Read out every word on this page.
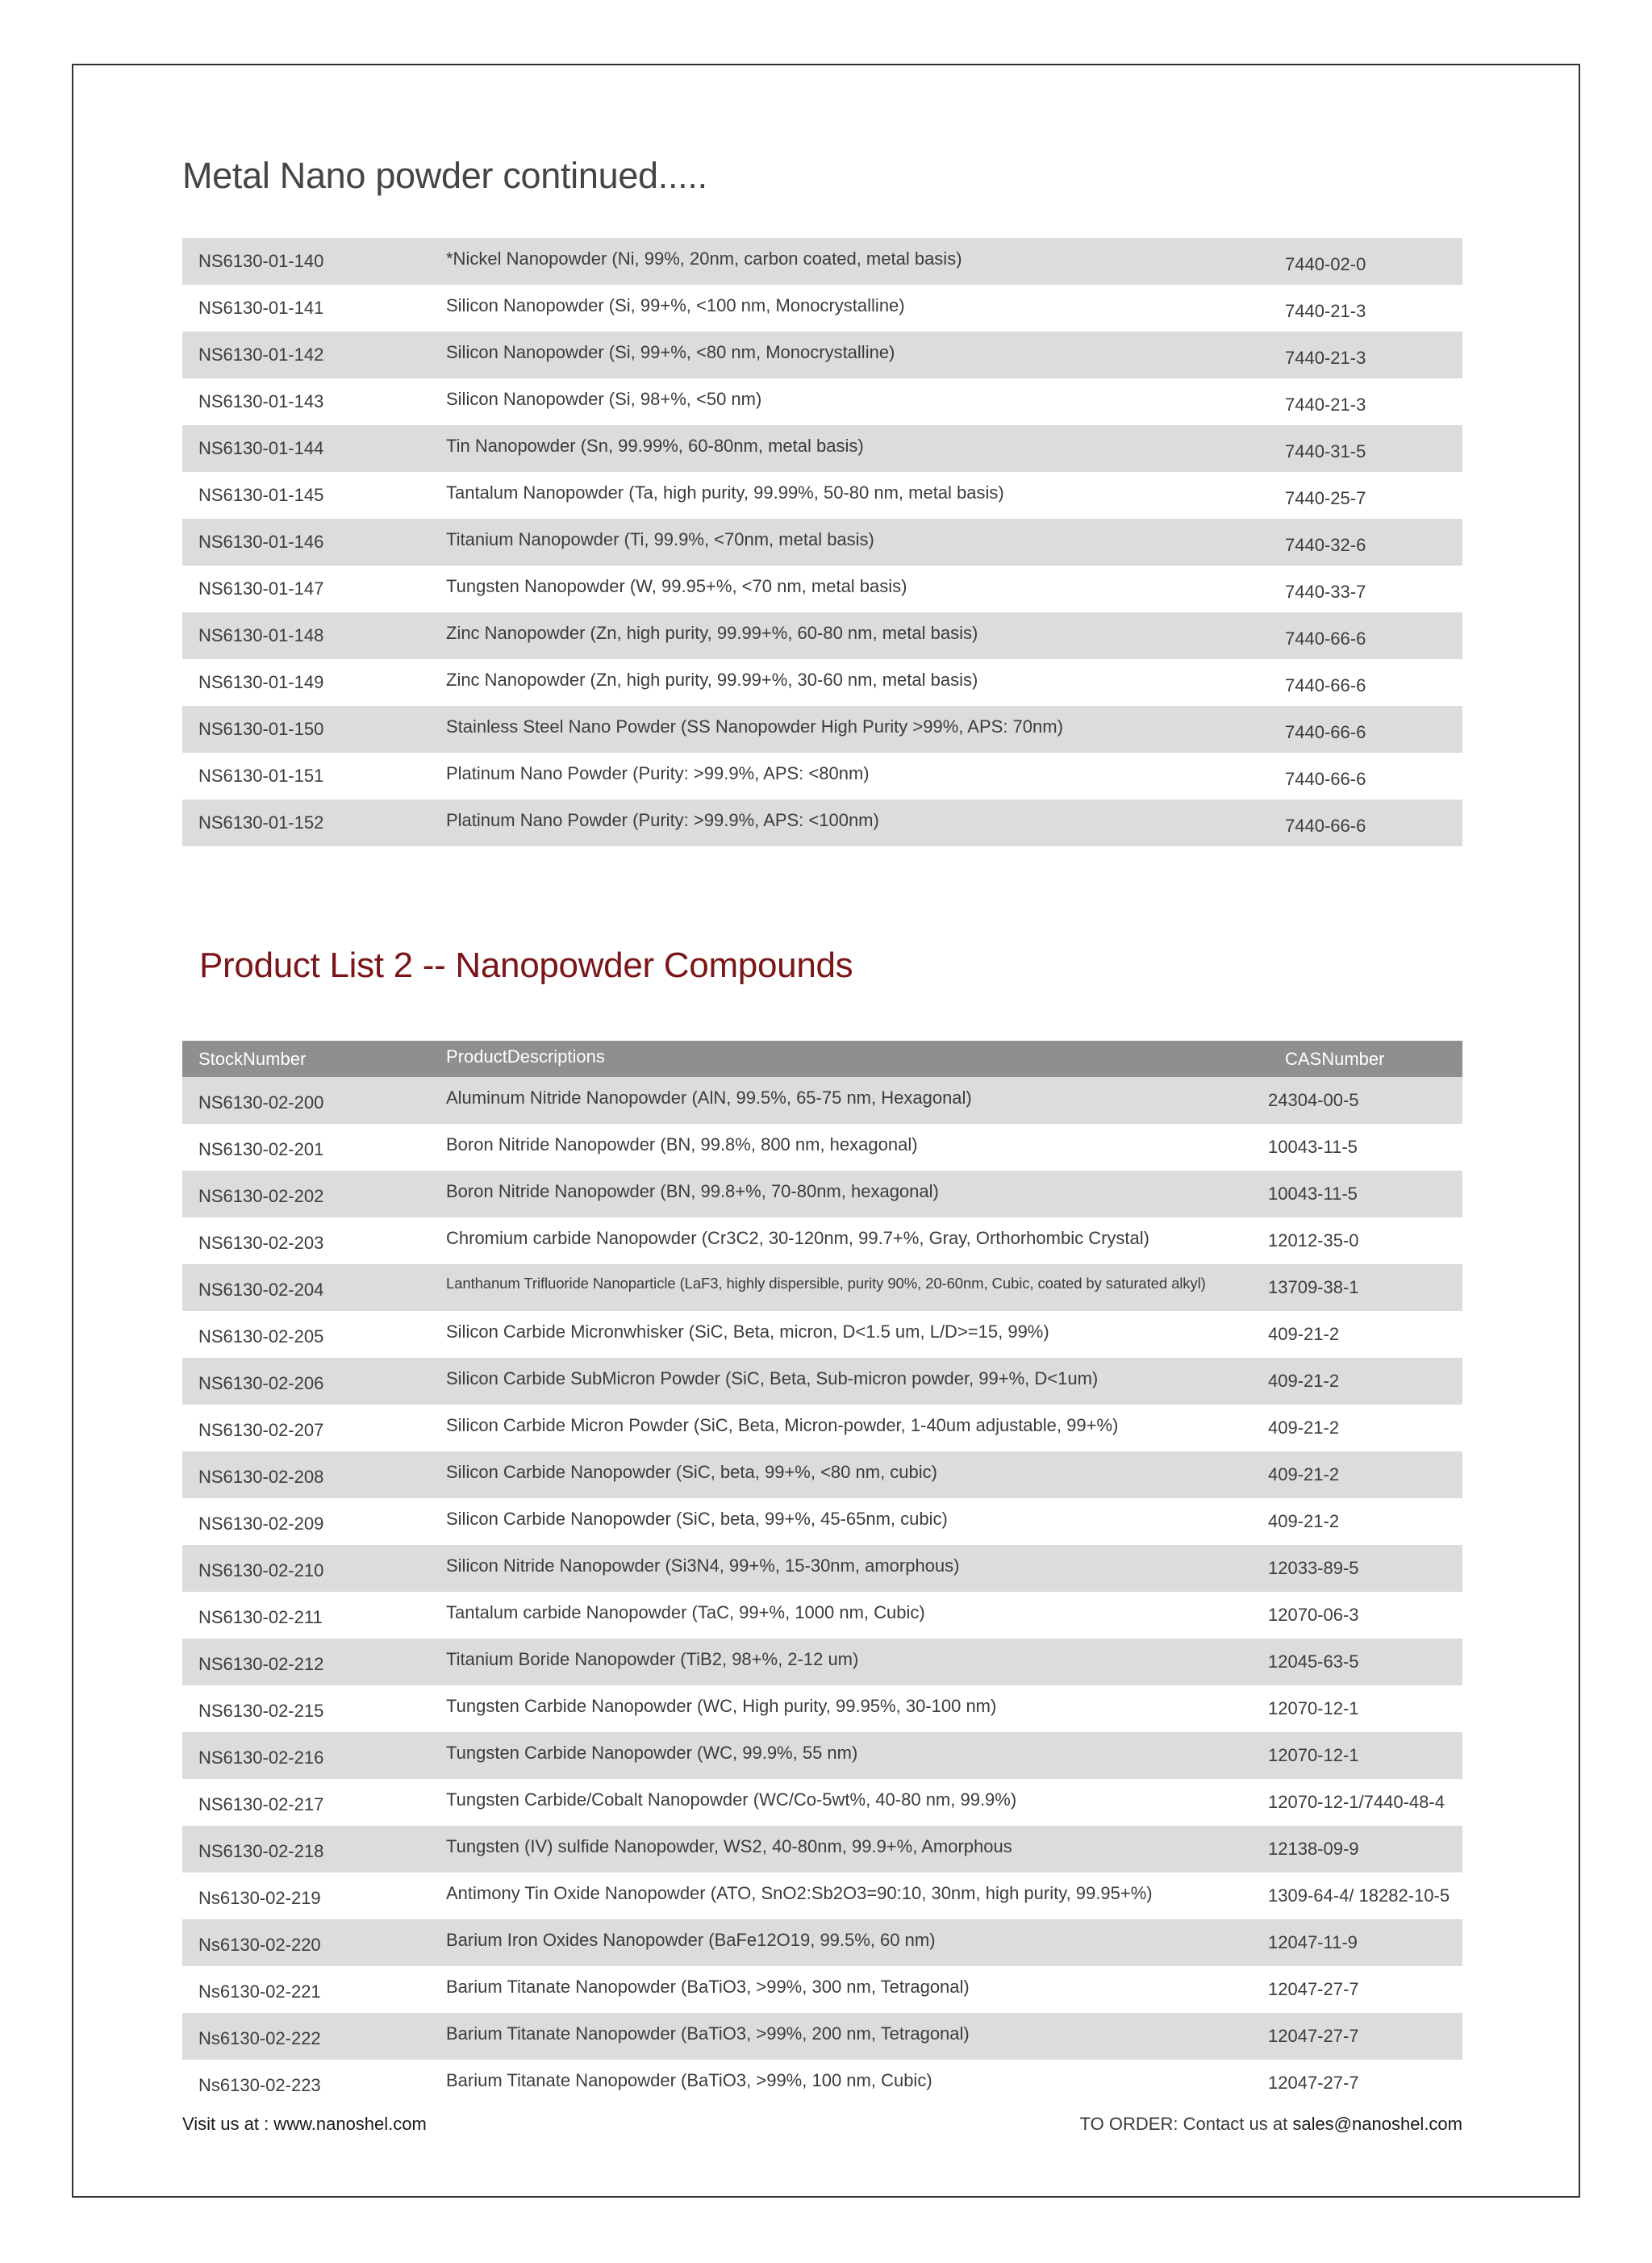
Metal Nano powder continued.....
NS6130-01-140	*Nickel Nanopowder (Ni, 99%, 20nm, carbon coated, metal basis)	7440-02-0
NS6130-01-141	Silicon Nanopowder (Si, 99+%, <100 nm, Monocrystalline)	7440-21-3
NS6130-01-142	Silicon Nanopowder (Si, 99+%, <80 nm, Monocrystalline)	7440-21-3
NS6130-01-143	Silicon Nanopowder (Si, 98+%, <50 nm)	7440-21-3
NS6130-01-144	Tin Nanopowder (Sn, 99.99%, 60-80nm, metal basis)	7440-31-5
NS6130-01-145	Tantalum Nanopowder (Ta, high purity, 99.99%, 50-80 nm, metal basis)	7440-25-7
NS6130-01-146	Titanium Nanopowder (Ti, 99.9%, <70nm, metal basis)	7440-32-6
NS6130-01-147	Tungsten Nanopowder (W, 99.95+%, <70 nm, metal basis)	7440-33-7
NS6130-01-148	Zinc Nanopowder (Zn, high purity, 99.99+%, 60-80 nm, metal basis)	7440-66-6
NS6130-01-149	Zinc Nanopowder (Zn, high purity, 99.99+%, 30-60 nm, metal basis)	7440-66-6
NS6130-01-150	Stainless Steel Nano Powder (SS Nanopowder High Purity >99%, APS: 70nm)	7440-66-6
NS6130-01-151	Platinum Nano Powder (Purity: >99.9%, APS: <80nm)	7440-66-6
NS6130-01-152	Platinum Nano Powder (Purity: >99.9%, APS: <100nm)	7440-66-6
Product List 2 -- Nanopowder Compounds
StockNumber	ProductDescriptions	CASNumber
NS6130-02-200	Aluminum Nitride Nanopowder (AlN, 99.5%, 65-75 nm, Hexagonal)	24304-00-5
NS6130-02-201	Boron Nitride Nanopowder (BN, 99.8%, 800 nm, hexagonal)	10043-11-5
NS6130-02-202	Boron Nitride Nanopowder (BN, 99.8+%, 70-80nm, hexagonal)	10043-11-5
NS6130-02-203	Chromium carbide Nanopowder (Cr3C2, 30-120nm, 99.7+%, Gray, Orthorhombic Crystal)	12012-35-0
NS6130-02-204	Lanthanum Trifluoride Nanoparticle (LaF3, highly dispersible, purity 90%, 20-60nm, Cubic, coated by saturated alkyl)	13709-38-1
NS6130-02-205	Silicon Carbide Micronwhisker (SiC, Beta, micron, D<1.5 um, L/D>=15, 99%)	409-21-2
NS6130-02-206	Silicon Carbide SubMicron Powder (SiC, Beta, Sub-micron powder, 99+%, D<1um)	409-21-2
NS6130-02-207	Silicon Carbide Micron Powder (SiC, Beta, Micron-powder, 1-40um adjustable, 99+%)	409-21-2
NS6130-02-208	Silicon Carbide Nanopowder (SiC, beta, 99+%, <80 nm, cubic)	409-21-2
NS6130-02-209	Silicon Carbide Nanopowder (SiC, beta, 99+%, 45-65nm, cubic)	409-21-2
NS6130-02-210	Silicon Nitride Nanopowder (Si3N4, 99+%, 15-30nm, amorphous)	12033-89-5
NS6130-02-211	Tantalum carbide Nanopowder (TaC, 99+%, 1000 nm, Cubic)	12070-06-3
NS6130-02-212	Titanium Boride Nanopowder (TiB2, 98+%, 2-12 um)	12045-63-5
NS6130-02-215	Tungsten Carbide Nanopowder (WC, High purity, 99.95%, 30-100 nm)	12070-12-1
NS6130-02-216	Tungsten Carbide Nanopowder (WC, 99.9%, 55 nm)	12070-12-1
NS6130-02-217	Tungsten Carbide/Cobalt Nanopowder (WC/Co-5wt%, 40-80 nm, 99.9%)	12070-12-1/7440-48-4
NS6130-02-218	Tungsten (IV) sulfide Nanopowder, WS2, 40-80nm, 99.9+%, Amorphous	12138-09-9
Ns6130-02-219	Antimony Tin Oxide Nanopowder (ATO, SnO2:Sb2O3=90:10, 30nm, high purity, 99.95+%)	1309-64-4/ 18282-10-5
Ns6130-02-220	Barium Iron Oxides Nanopowder (BaFe12O19, 99.5%, 60 nm)	12047-11-9
Ns6130-02-221	Barium Titanate Nanopowder (BaTiO3, >99%, 300 nm, Tetragonal)	12047-27-7
Ns6130-02-222	Barium Titanate Nanopowder (BaTiO3, >99%, 200 nm, Tetragonal)	12047-27-7
Ns6130-02-223	Barium Titanate Nanopowder (BaTiO3, >99%, 100 nm, Cubic)	12047-27-7
Visit us at : www.nanoshel.com	TO ORDER: Contact us at sales@nanoshel.com
